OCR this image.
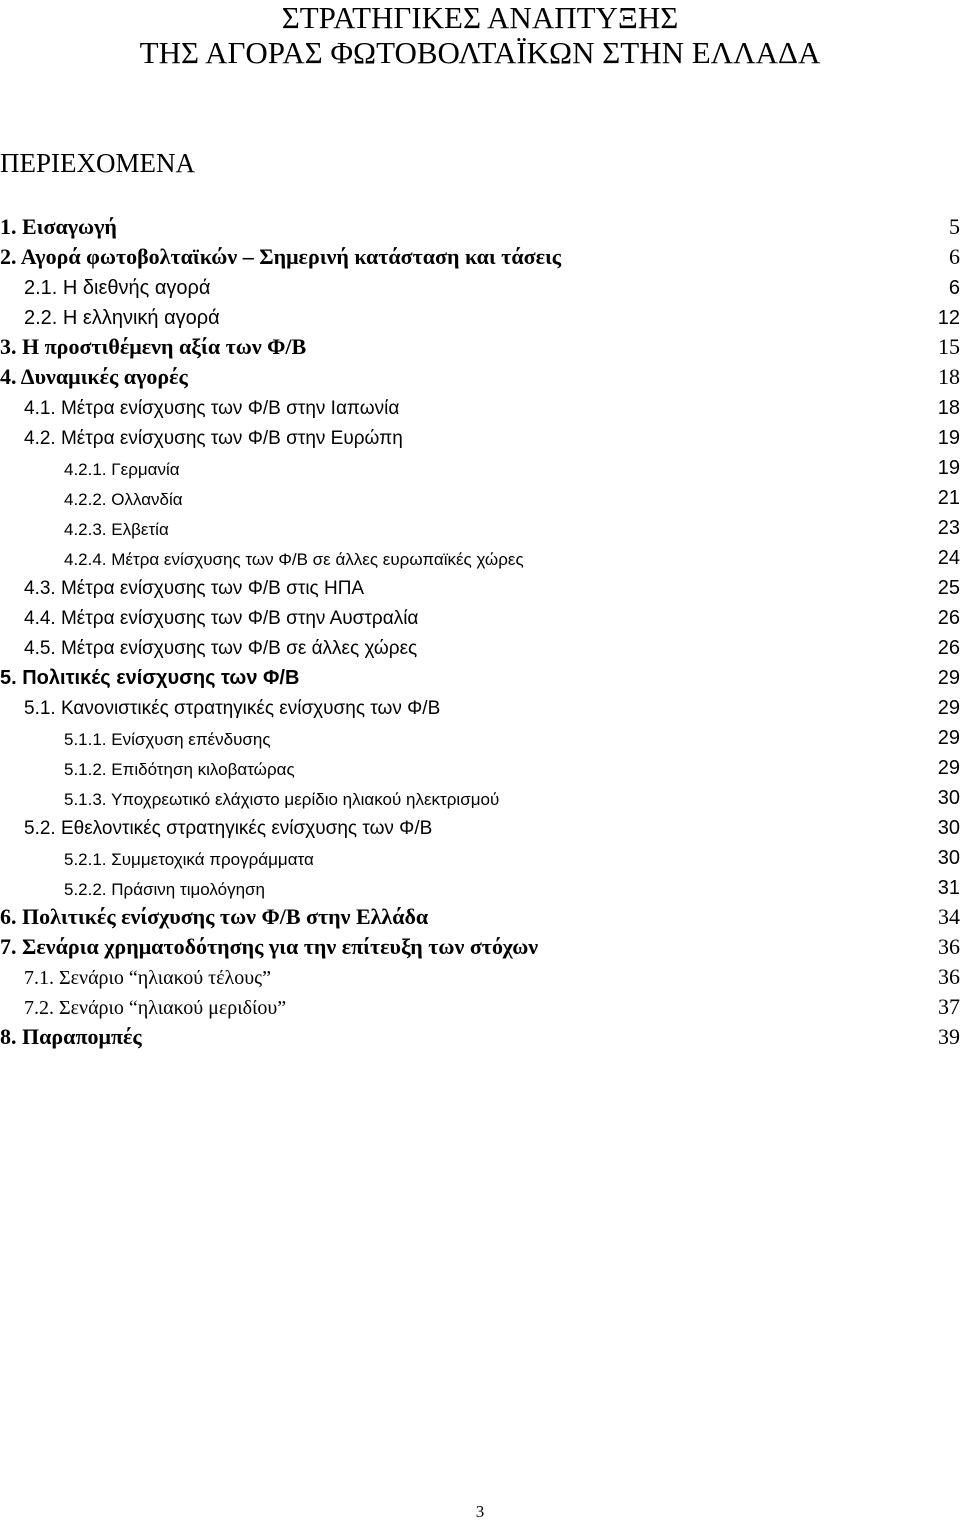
ΣΤΡΑΤΗΓΙΚΕΣ ΑΝΑΠΤΥΞΗΣ
ΤΗΣ ΑΓΟΡΑΣ ΦΩΤΟΒΟΛΤΑΪΚΩΝ ΣΤΗΝ ΕΛΛΑΔΑ
ΠΕΡΙΕΧΟΜΕΝΑ
1. Εισαγωγή	5
2. Αγορά φωτοβολταϊκών – Σημερινή κατάσταση και τάσεις	6
2.1. Η διεθνής αγορά	6
2.2. Η ελληνική αγορά	12
3. Η προστιθέμενη αξία των Φ/Β	15
4. Δυναμικές αγορές	18
4.1. Μέτρα ενίσχυσης των Φ/Β στην Ιαπωνία	18
4.2. Μέτρα ενίσχυσης των Φ/Β στην Ευρώπη	19
4.2.1. Γερμανία	19
4.2.2. Ολλανδία	21
4.2.3. Ελβετία	23
4.2.4. Μέτρα ενίσχυσης των Φ/Β σε άλλες ευρωπαϊκές χώρες	24
4.3. Μέτρα ενίσχυσης των Φ/Β στις ΗΠΑ	25
4.4. Μέτρα ενίσχυσης των Φ/Β στην Αυστραλία	26
4.5. Μέτρα ενίσχυσης των Φ/Β σε άλλες χώρες	26
5. Πολιτικές ενίσχυσης των Φ/Β	29
5.1. Κανονιστικές στρατηγικές ενίσχυσης των Φ/Β	29
5.1.1. Ενίσχυση επένδυσης	29
5.1.2. Επιδότηση κιλοβατώρας	29
5.1.3. Υποχρεωτικό ελάχιστο μερίδιο ηλιακού ηλεκτρισμού	30
5.2. Εθελοντικές στρατηγικές ενίσχυσης των Φ/Β	30
5.2.1. Συμμετοχικά προγράμματα	30
5.2.2. Πράσινη τιμολόγηση	31
6. Πολιτικές ενίσχυσης των Φ/Β στην Ελλάδα	34
7. Σενάρια χρηματοδότησης για την επίτευξη των στόχων	36
7.1. Σενάριο “ηλιακού τέλους”	36
7.2. Σενάριο “ηλιακού μεριδίου”	37
8. Παραπομπές	39
3
